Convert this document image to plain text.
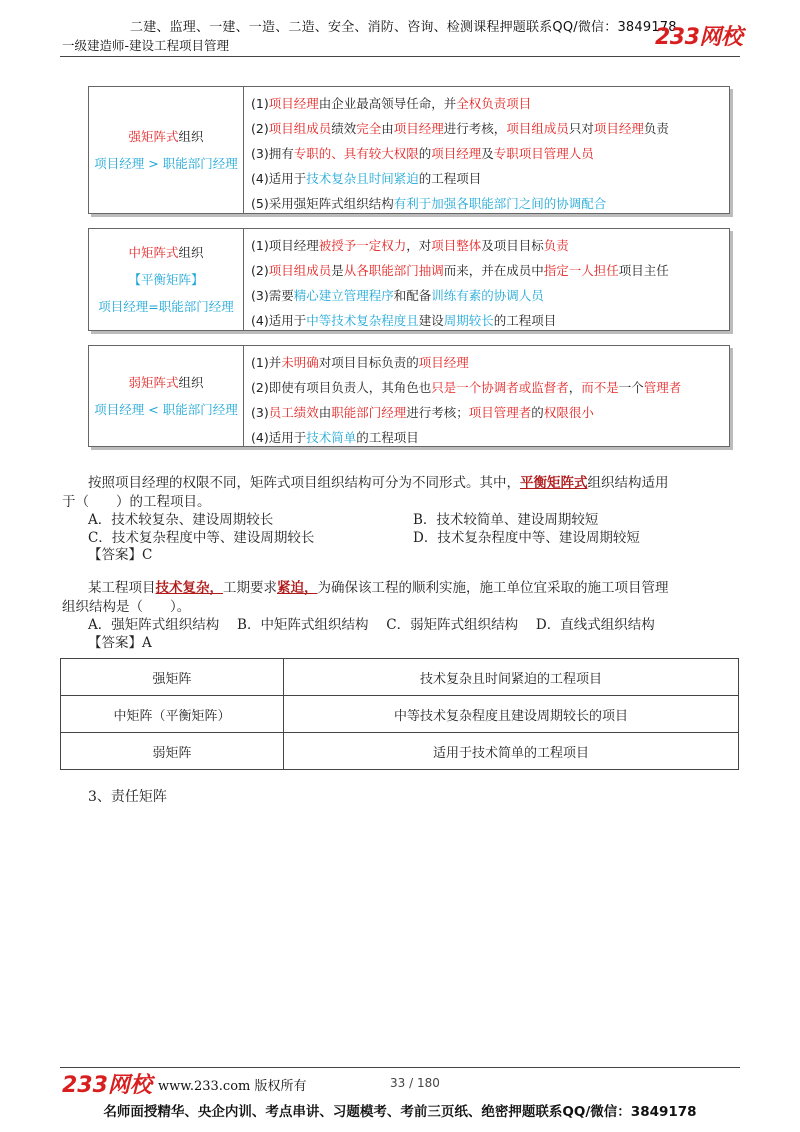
二建、监理、一建、一造、二造、安全、消防、咨询、检测课程押题联系QQ/微信：3849178
一级建造师-建设工程项目管理	233网校
强矩阵式组织
项目经理 > 职能部门经理
(1)项目经理由企业最高领导任命，并全权负责项目
(2)项目组成员绩效完全由项目经理进行考核，项目组成员只对项目经理负责
(3)拥有专职的、具有较大权限的项目经理及专职项目管理人员
(4)适用于技术复杂且时间紧迫的工程项目
(5)采用强矩阵式组织结构有利于加强各职能部门之间的协调配合
中矩阵式组织
【平衡矩阵】
项目经理=职能部门经理
(1)项目经理被授予一定权力，对项目整体及项目目标负责
(2)项目组成员是从各职能部门抽调而来，并在成员中指定一人担任项目主任
(3)需要精心建立管理程序和配备训练有素的协调人员
(4)适用于中等技术复杂程度且建设周期较长的工程项目
弱矩阵式组织
项目经理 < 职能部门经理
(1)并未明确对项目目标负责的项目经理
(2)即使有项目负责人，其角色也只是一个协调者或监督者，而不是一个管理者
(3)员工绩效由职能部门经理进行考核；项目管理者的权限很小
(4)适用于技术简单的工程项目
按照项目经理的权限不同，矩阵式项目组织结构可分为不同形式。其中，平衡矩阵式组织结构适用
于（　　）的工程项目。
A．技术较复杂、建设周期较长	B．技术较简单、建设周期较短
C．技术复杂程度中等、建设周期较长	D．技术复杂程度中等、建设周期较短
【答案】C
某工程项目技术复杂，工期要求紧迫，为确保该工程的顺利实施，施工单位宜采取的施工项目管理
组织结构是（　　）。
A．强矩阵式组织结构　 B．中矩阵式组织结构　 C．弱矩阵式组织结构　 D．直线式组织结构
【答案】A
强矩阵	技术复杂且时间紧迫的工程项目
中矩阵（平衡矩阵）	中等技术复杂程度且建设周期较长的项目
弱矩阵	适用于技术简单的工程项目
3、责任矩阵
233网校 www.233.com 版权所有	33 / 180
名师面授精华、央企内训、考点串讲、习题模考、考前三页纸、绝密押题联系QQ/微信：3849178
